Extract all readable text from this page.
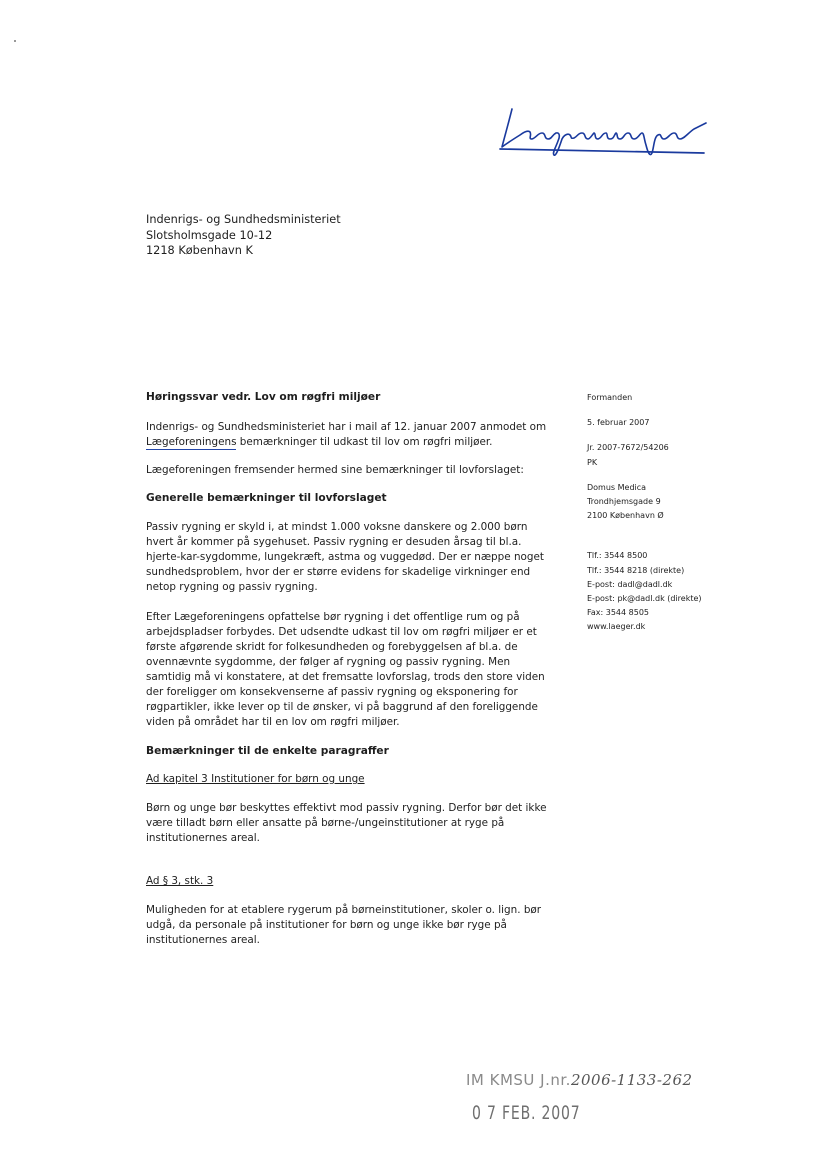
Indenrigs- og Sundhedsministeriet
Slotsholmsgade 10-12
1218 København K
Høringssvar vedr. Lov om røgfri miljøer

Indenrigs- og Sundhedsministeriet har i mail af 12. januar 2007 anmodet om Lægeforeningens bemærkninger til udkast til lov om røgfri miljøer.

Lægeforeningen fremsender hermed sine bemærkninger til lovforslaget:

Generelle bemærkninger til lovforslaget

Passiv rygning er skyld i, at mindst 1.000 voksne danskere og 2.000 børn hvert år kommer på sygehuset. Passiv rygning er desuden årsag til bl.a. hjerte-kar-sygdomme, lungekræft, astma og vuggedød. Der er næppe noget sundhedsproblem, hvor der er større evidens for skadelige virkninger end netop rygning og passiv rygning.

Efter Lægeforeningens opfattelse bør rygning i det offentlige rum og på arbejdspladser forbydes. Det udsendte udkast til lov om røgfri miljøer er et første afgørende skridt for folkesundheden og forebyggelsen af bl.a. de ovennævnte sygdomme, der følger af rygning og passiv rygning. Men samtidig må vi konstatere, at det fremsatte lovforslag, trods den store viden der foreligger om konsekvenserne af passiv rygning og eksponering for røgpartikler, ikke lever op til de ønsker, vi på baggrund af den foreliggende viden på området har til en lov om røgfri miljøer.

Bemærkninger til de enkelte paragraffer
Ad kapitel 3 Institutioner for børn og unge

Børn og unge bør beskyttes effektivt mod passiv rygning. Derfor bør det ikke være tilladt børn eller ansatte på børne-/ungeinstitutioner at ryge på institutionernes areal.

Ad § 3, stk. 3

Muligheden for at etablere rygerum på børneinstitutioner, skoler o. lign. bør udgå, da personale på institutioner for børn og unge ikke bør ryge på institutionernes areal.

Formanden
5. februar 2007
Jr. 2007-7672/54206
PK
Domus Medica
Trondhjemsgade 9
2100 København Ø
Tlf.: 3544 8500
Tlf.: 3544 8218 (direkte)
E-post: dadl@dadl.dk
E-post: pk@dadl.dk (direkte)
Fax: 3544 8505
www.laeger.dk
IM KMSU J.nr.2006-1133-262
0 7 FEB. 2007
